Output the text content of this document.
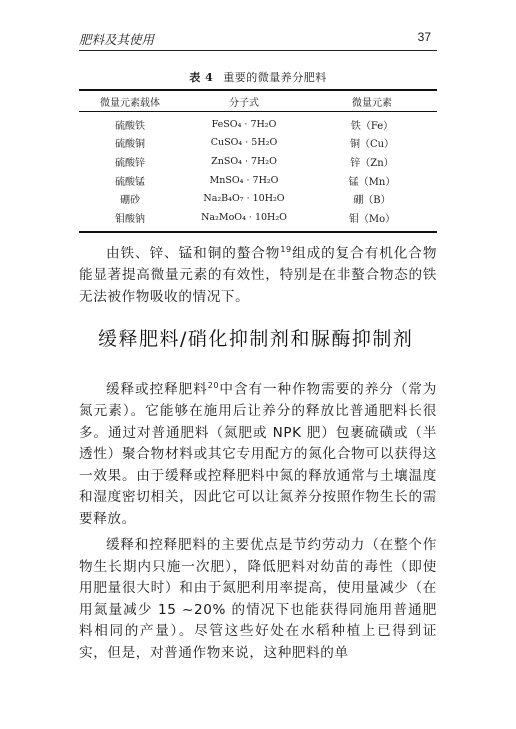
肥料及其使用	37
表 4 重要的微量养分肥料
微量元素载体	分子式	微量元素
硫酸铁	FeSO₄ · 7H₂O	铁（Fe）
硫酸铜	CuSO₄ · 5H₂O	铜（Cu）
硫酸锌	ZnSO₄ · 7H₂O	锌（Zn）
硫酸锰	MnSO₄ · 7H₂O	锰（Mn）
硼砂	Na₂B₄O₇ · 10H₂O	硼（B）
钼酸钠	Na₂MoO₄ · 10H₂O	钼（Mo）

由铁、锌、锰和铜的螯合物$^{19}$组成的复合有机化合物能显著提高微量元素的有效性，特别是在非螯合物态的铁无法被作物吸收的情况下。

缓释肥料/硝化抑制剂和脲酶抑制剂

缓释或控释肥料$^{20}$中含有一种作物需要的养分（常为氮元素）。它能够在施用后让养分的释放比普通肥料长很多。通过对普通肥料（氮肥或 NPK 肥）包裹硫磺或（半透性）聚合物材料或其它专用配方的氮化合物可以获得这一效果。由于缓释或控释肥料中氮的释放通常与土壤温度和湿度密切相关，因此它可以让氮养分按照作物生长的需要释放。

缓释和控释肥料的主要优点是节约劳动力（在整个作物生长期内只施一次肥），降低肥料对幼苗的毒性（即使用肥量很大时）和由于氮肥利用率提高，使用量减少（在用氮量减少 15 ~20% 的情况下也能获得同施用普通肥料相同的产量）。尽管这些好处在水稻种植上已得到证实，但是，对普通作物来说，这种肥料的单
